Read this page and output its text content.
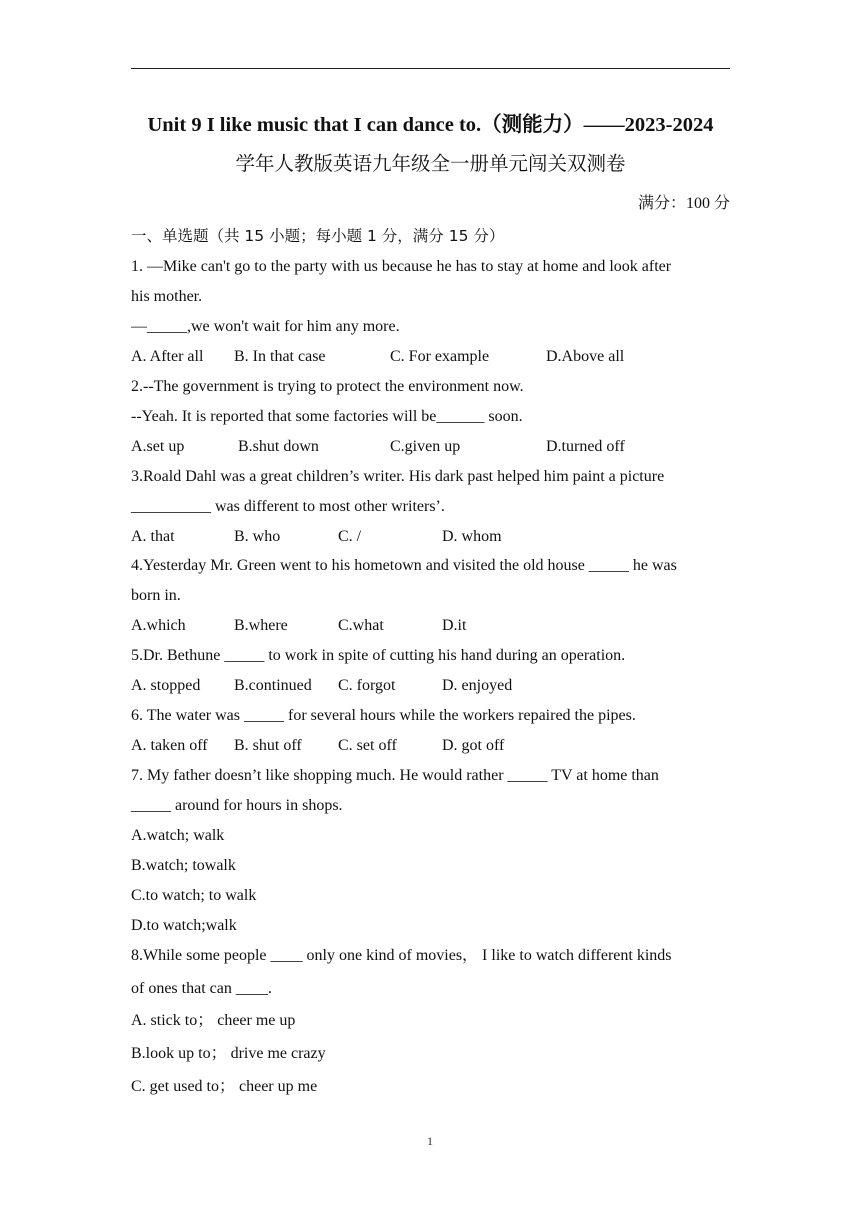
Unit 9 I like music that I can dance to.（测能力）——2023-2024
学年人教版英语九年级全一册单元闯关双测卷
满分：100 分
一、单选题（共 15 小题；每小题 1 分，满分 15 分）
1. —Mike can't go to the party with us because he has to stay at home and look after
his mother.
—_____,we won't wait for him any more.
A. After all B. In that case	C. For example	D.Above all
2.--The government is trying to protect the environment now.
--Yeah. It is reported that some factories will be______ soon.
A.set up	B.shut down	C.given up	D.turned off
3.Roald Dahl was a great children’s writer. His dark past helped him paint a picture
__________ was different to most other writers’.
A. that	B. who	C. /	D. whom
4.Yesterday Mr. Green went to his hometown and visited the old house _____ he was
born in.
A.which	B.where	C.what	D.it
5.Dr. Bethune _____ to work in spite of cutting his hand during an operation.
A. stopped B.continued C. forgot	D. enjoyed
6. The water was _____ for several hours while the workers repaired the pipes.
A. taken off B. shut off C. set off	D. got off
7. My father doesn’t like shopping much. He would rather _____ TV at home than
_____ around for hours in shops.
A.watch; walk
B.watch; towalk
C.to watch; to walk
D.to watch;walk
8.While some people ____ only one kind of movies， I like to watch different kinds
of ones that can ____.
A. stick to； cheer me up
B.look up to； drive me crazy
C. get used to； cheer up me
1
